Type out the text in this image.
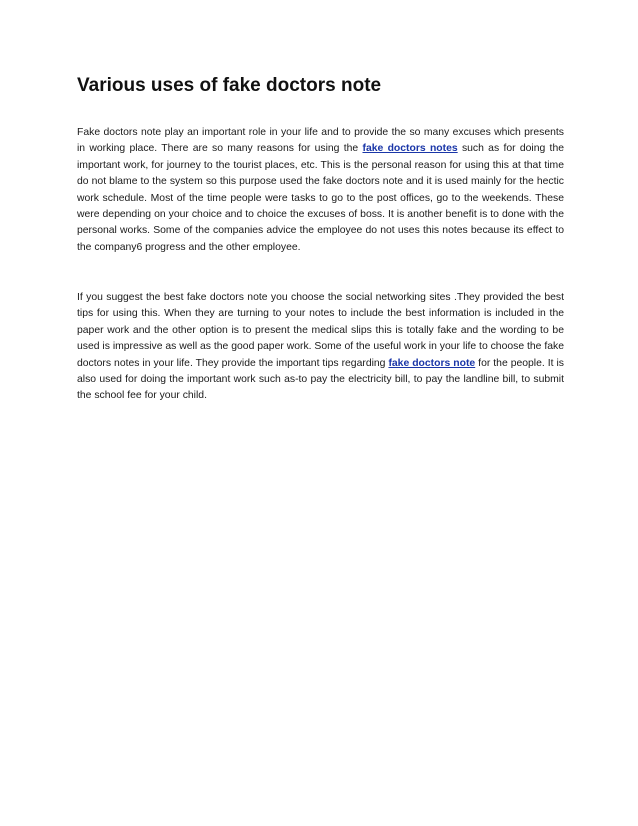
Various uses of fake doctors note

Fake doctors note play an important role in your life and to provide the so many excuses which presents in working place. There are so many reasons for using the fake doctors notes such as for doing the important work, for journey to the tourist places, etc. This is the personal reason for using this at that time do not blame to the system so this purpose used the fake doctors note and it is used mainly for the hectic work schedule. Most of the time people were tasks to go to the post offices, go to the weekends. These were depending on your choice and to choice the excuses of boss. It is another benefit is to done with the personal works. Some of the companies advice the employee do not uses this notes because its effect to the company6 progress and the other employee.

If you suggest the best fake doctors note you choose the social networking sites .They provided the best tips for using this. When they are turning to your notes to include the best information is included in the paper work and the other option is to present the medical slips this is totally fake and the wording to be used is impressive as well as the good paper work. Some of the useful work in your life to choose the fake doctors notes in your life. They provide the important tips regarding fake doctors note for the people. It is also used for doing the important work such as-to pay the electricity bill, to pay the landline bill, to submit the school fee for your child.
